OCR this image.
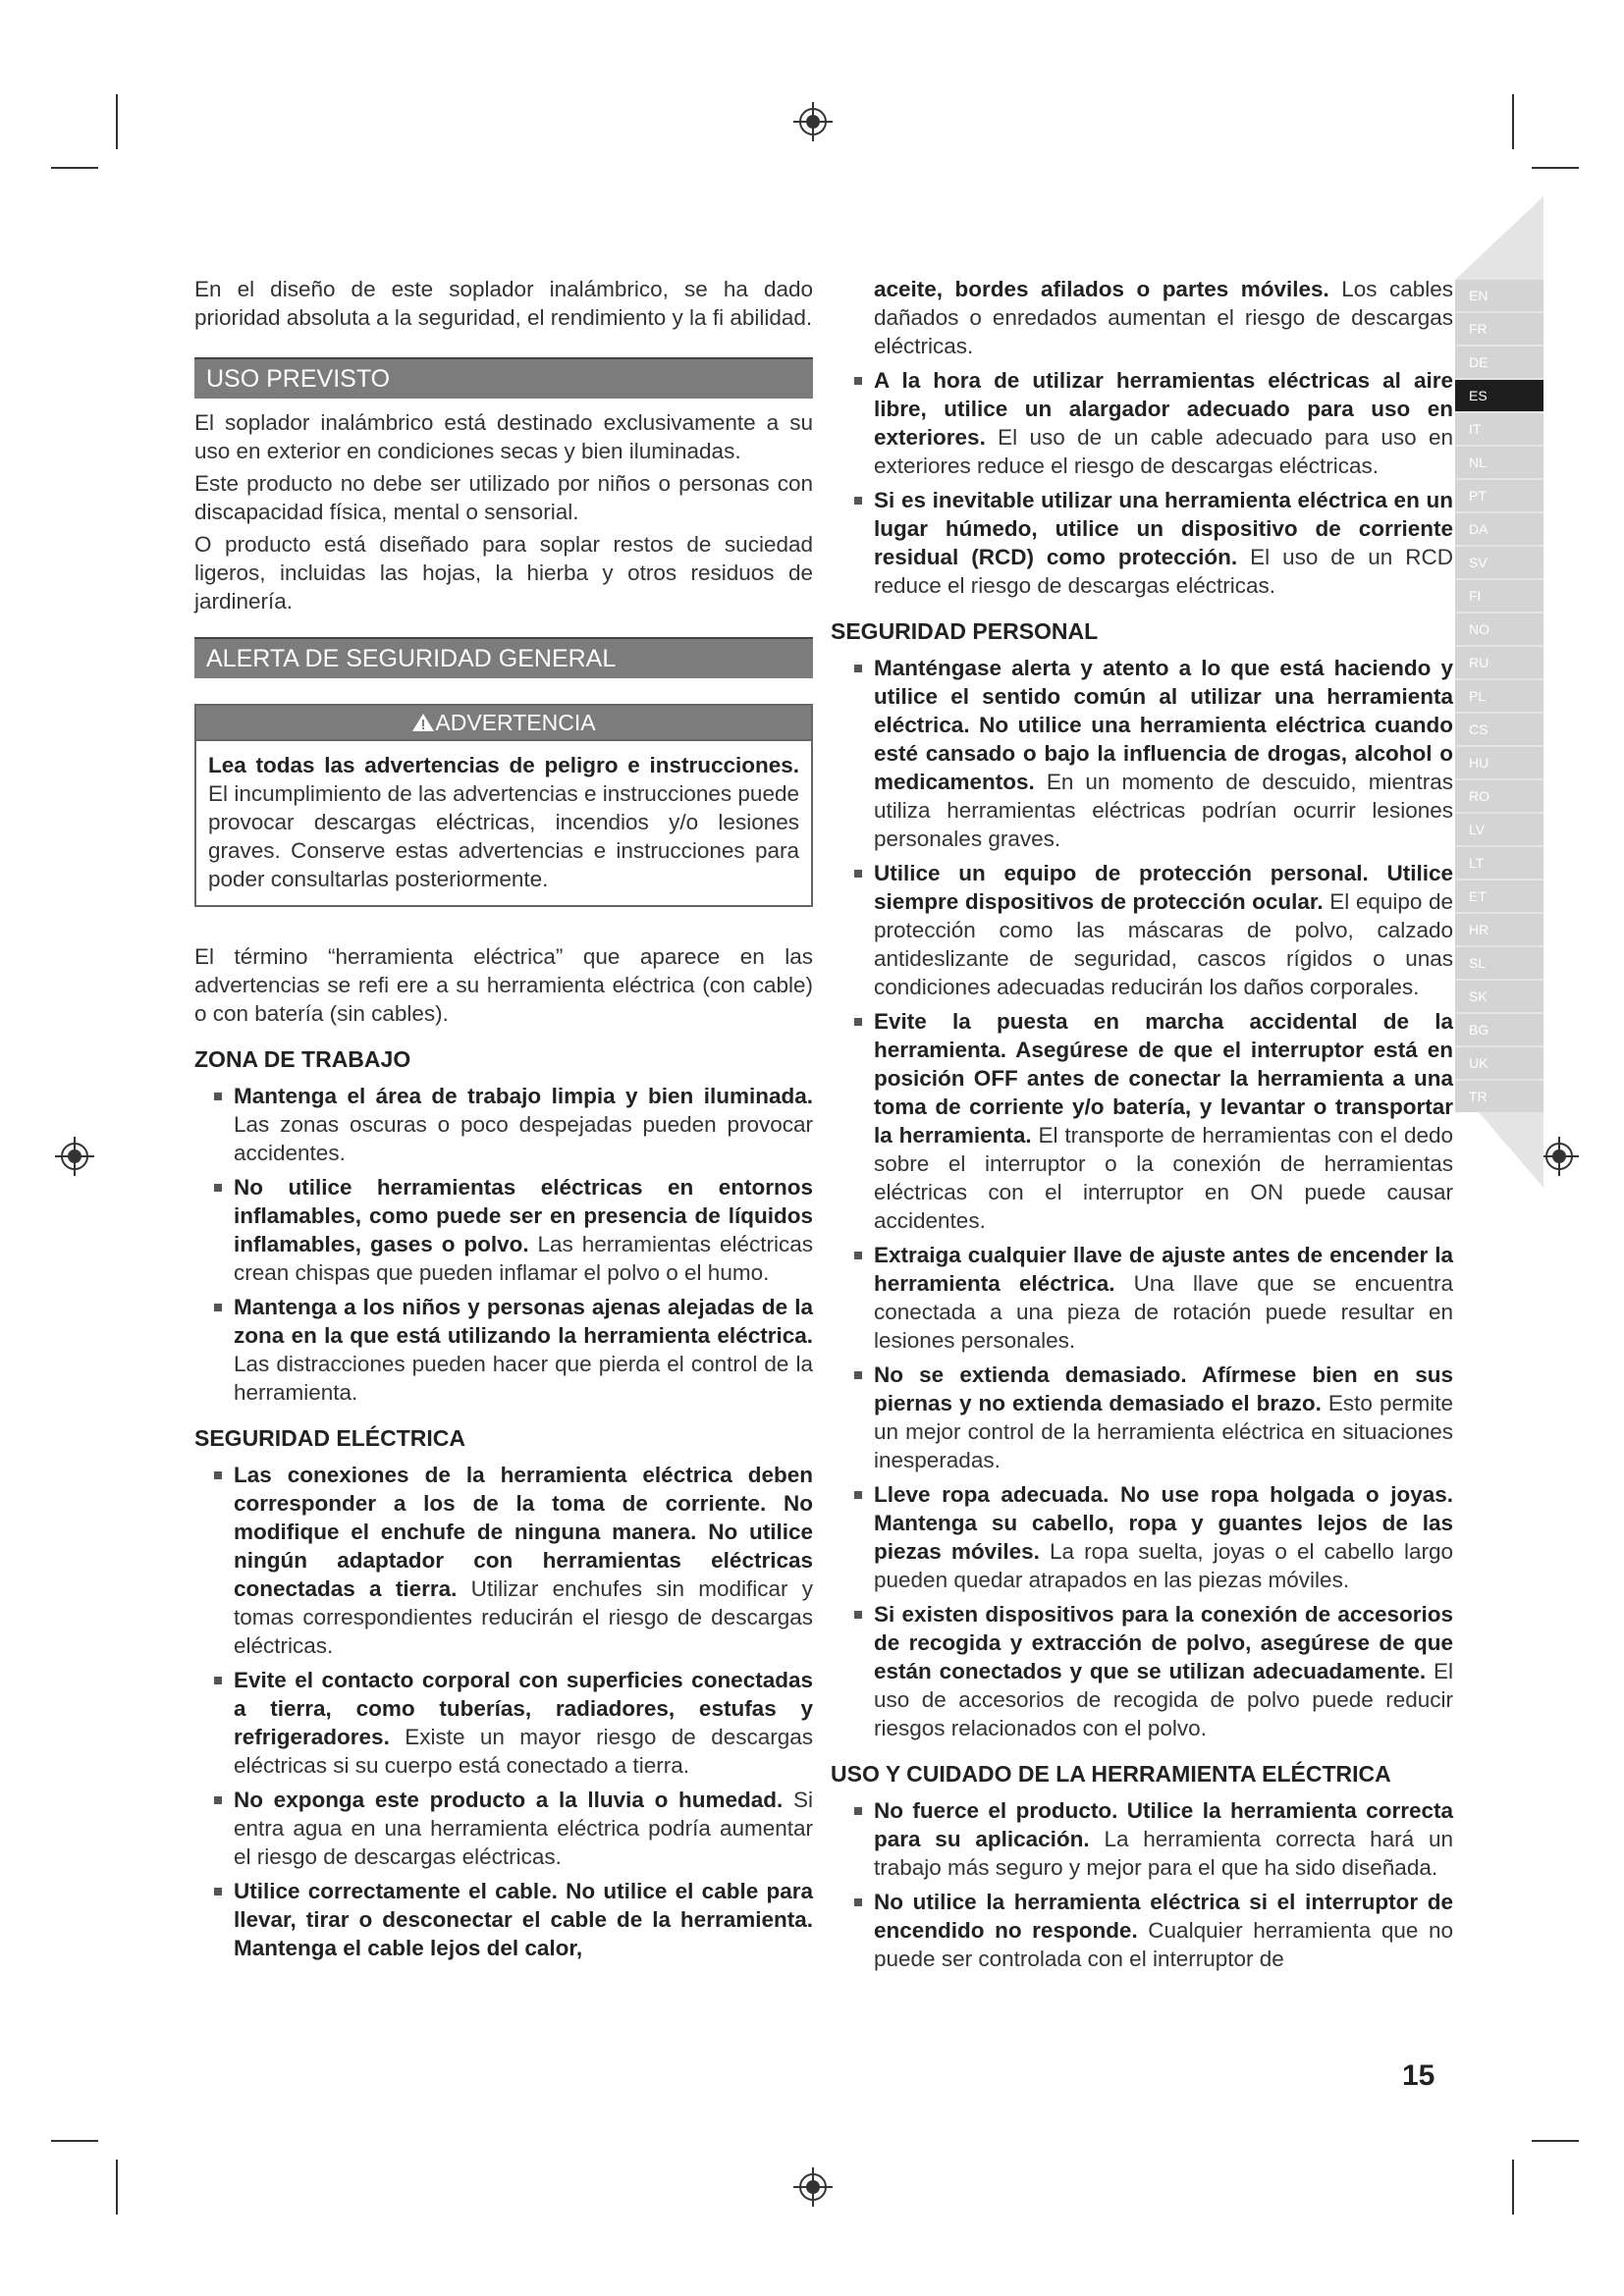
EN
FR
DE
ES
IT
NL
PT
DA
SV
FI
NO
RU
PL
CS
HU
RO
LV
LT
ET
HR
SL
SK
BG
UK
TR

En el diseño de este soplador inalámbrico, se ha dado prioridad absoluta a la seguridad, el rendimiento y la fi abilidad.

USO PREVISTO

El soplador inalámbrico está destinado exclusivamente a su uso en exterior en condiciones secas y bien iluminadas.

Este producto no debe ser utilizado por niños o personas con discapacidad física, mental o sensorial.

O producto está diseñado para soplar restos de suciedad ligeros, incluidas las hojas, la hierba y otros residuos de jardinería.

ALERTA DE SEGURIDAD GENERAL
ADVERTENCIA

Lea todas las advertencias de peligro e instrucciones. El incumplimiento de las advertencias e instrucciones puede provocar descargas eléctricas, incendios y/o lesiones graves. Conserve estas advertencias e instrucciones para poder consultarlas posteriormente.

El término “herramienta eléctrica” que aparece en las advertencias se refi ere a su herramienta eléctrica (con cable) o con batería (sin cables).

ZONA DE TRABAJO
Mantenga el área de trabajo limpia y bien iluminada. Las zonas oscuras o poco despejadas pueden provocar accidentes.
No utilice herramientas eléctricas en entornos inflamables, como puede ser en presencia de líquidos inflamables, gases o polvo. Las herramientas eléctricas crean chispas que pueden inflamar el polvo o el humo.
Mantenga a los niños y personas ajenas alejadas de la zona en la que está utilizando la herramienta eléctrica. Las distracciones pueden hacer que pierda el control de la herramienta.
SEGURIDAD ELÉCTRICA
Las conexiones de la herramienta eléctrica deben corresponder a los de la toma de corriente. No modifique el enchufe de ninguna manera. No utilice ningún adaptador con herramientas eléctricas conectadas a tierra. Utilizar enchufes sin modificar y tomas correspondientes reducirán el riesgo de descargas eléctricas.
Evite el contacto corporal con superficies conectadas a tierra, como tuberías, radiadores, estufas y refrigeradores. Existe un mayor riesgo de descargas eléctricas si su cuerpo está conectado a tierra.
No exponga este producto a la lluvia o humedad. Si entra agua en una herramienta eléctrica podría aumentar el riesgo de descargas eléctricas.
Utilice correctamente el cable. No utilice el cable para llevar, tirar o desconectar el cable de la herramienta. Mantenga el cable lejos del calor,
aceite, bordes afilados o partes móviles. Los cables dañados o enredados aumentan el riesgo de descargas eléctricas.
A la hora de utilizar herramientas eléctricas al aire libre, utilice un alargador adecuado para uso en exteriores. El uso de un cable adecuado para uso en exteriores reduce el riesgo de descargas eléctricas.
Si es inevitable utilizar una herramienta eléctrica en un lugar húmedo, utilice un dispositivo de corriente residual (RCD) como protección. El uso de un RCD reduce el riesgo de descargas eléctricas.
SEGURIDAD PERSONAL
Manténgase alerta y atento a lo que está haciendo y utilice el sentido común al utilizar una herramienta eléctrica. No utilice una herramienta eléctrica cuando esté cansado o bajo la influencia de drogas, alcohol o medicamentos. En un momento de descuido, mientras utiliza herramientas eléctricas podrían ocurrir lesiones personales graves.
Utilice un equipo de protección personal. Utilice siempre dispositivos de protección ocular. El equipo de protección como las máscaras de polvo, calzado antideslizante de seguridad, cascos rígidos o unas condiciones adecuadas reducirán los daños corporales.
Evite la puesta en marcha accidental de la herramienta. Asegúrese de que el interruptor está en posición OFF antes de conectar la herramienta a una toma de corriente y/o batería, y levantar o transportar la herramienta. El transporte de herramientas con el dedo sobre el interruptor o la conexión de herramientas eléctricas con el interruptor en ON puede causar accidentes.
Extraiga cualquier llave de ajuste antes de encender la herramienta eléctrica. Una llave que se encuentra conectada a una pieza de rotación puede resultar en lesiones personales.
No se extienda demasiado. Afírmese bien en sus piernas y no extienda demasiado el brazo. Esto permite un mejor control de la herramienta eléctrica en situaciones inesperadas.
Lleve ropa adecuada. No use ropa holgada o joyas. Mantenga su cabello, ropa y guantes lejos de las piezas móviles. La ropa suelta, joyas o el cabello largo pueden quedar atrapados en las piezas móviles.
Si existen dispositivos para la conexión de accesorios de recogida y extracción de polvo, asegúrese de que están conectados y que se utilizan adecuadamente. El uso de accesorios de recogida de polvo puede reducir riesgos relacionados con el polvo.
USO Y CUIDADO DE LA HERRAMIENTA ELÉCTRICA
No fuerce el producto. Utilice la herramienta correcta para su aplicación. La herramienta correcta hará un trabajo más seguro y mejor para el que ha sido diseñada.
No utilice la herramienta eléctrica si el interruptor de encendido no responde. Cualquier herramienta que no puede ser controlada con el interruptor de
15
